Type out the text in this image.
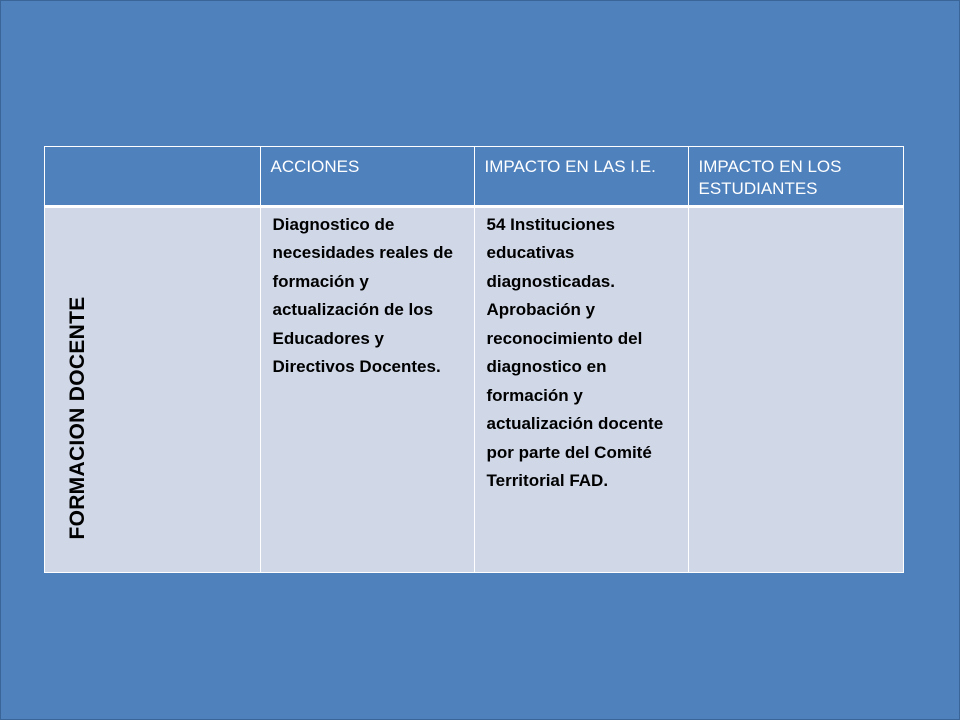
	ACCIONES	IMPACTO EN LAS I.E.	IMPACTO EN LOS ESTUDIANTES

FORMACION DOCENTE	Diagnostico de necesidades reales de formación y actualización de los Educadores y Directivos Docentes.	54 Instituciones educativas diagnosticadas. Aprobación y reconocimiento del diagnostico en formación y actualización docente por parte del Comité Territorial FAD.	
